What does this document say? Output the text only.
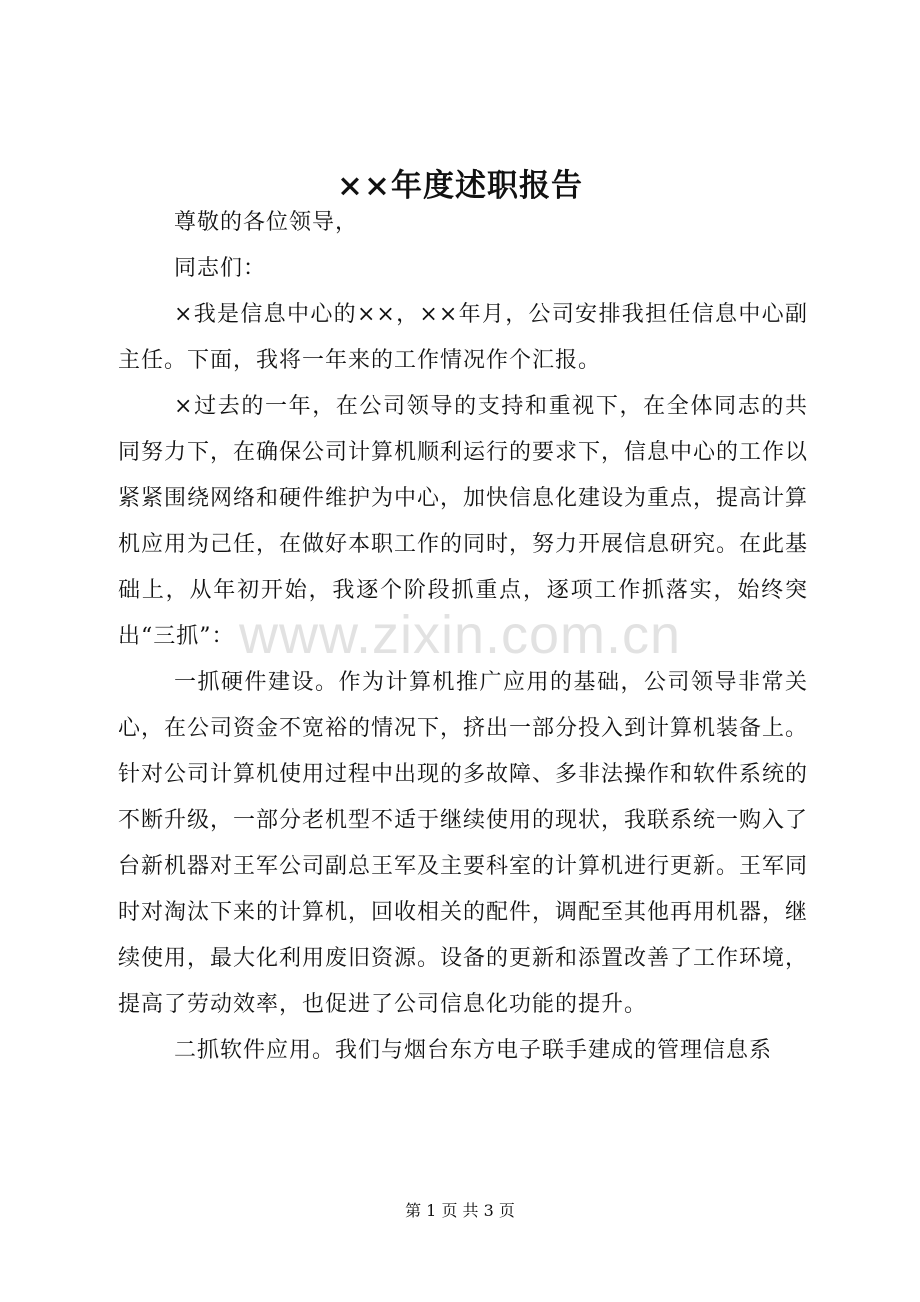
××年度述职报告

尊敬的各位领导，

同志们：

×我是信息中心的××，××年月，公司安排我担任信息中心副主任。下面，我将一年来的工作情况作个汇报。

×过去的一年，在公司领导的支持和重视下，在全体同志的共同努力下，在确保公司计算机顺利运行的要求下，信息中心的工作以紧紧围绕网络和硬件维护为中心，加快信息化建设为重点，提高计算机应用为己任，在做好本职工作的同时，努力开展信息研究。在此基础上，从年初开始，我逐个阶段抓重点，逐项工作抓落实，始终突出“三抓”：

一抓硬件建设。作为计算机推广应用的基础，公司领导非常关心，在公司资金不宽裕的情况下，挤出一部分投入到计算机装备上。针对公司计算机使用过程中出现的多故障、多非法操作和软件系统的不断升级，一部分老机型不适于继续使用的现状，我联系统一购入了台新机器对王军公司副总王军及主要科室的计算机进行更新。王军同时对淘汰下来的计算机，回收相关的配件，调配至其他再用机器，继续使用，最大化利用废旧资源。设备的更新和添置改善了工作环境，提高了劳动效率，也促进了公司信息化功能的提升。

二抓软件应用。我们与烟台东方电子联手建成的管理信息系

www.zixin.com.cn
第 1 页 共 3 页
